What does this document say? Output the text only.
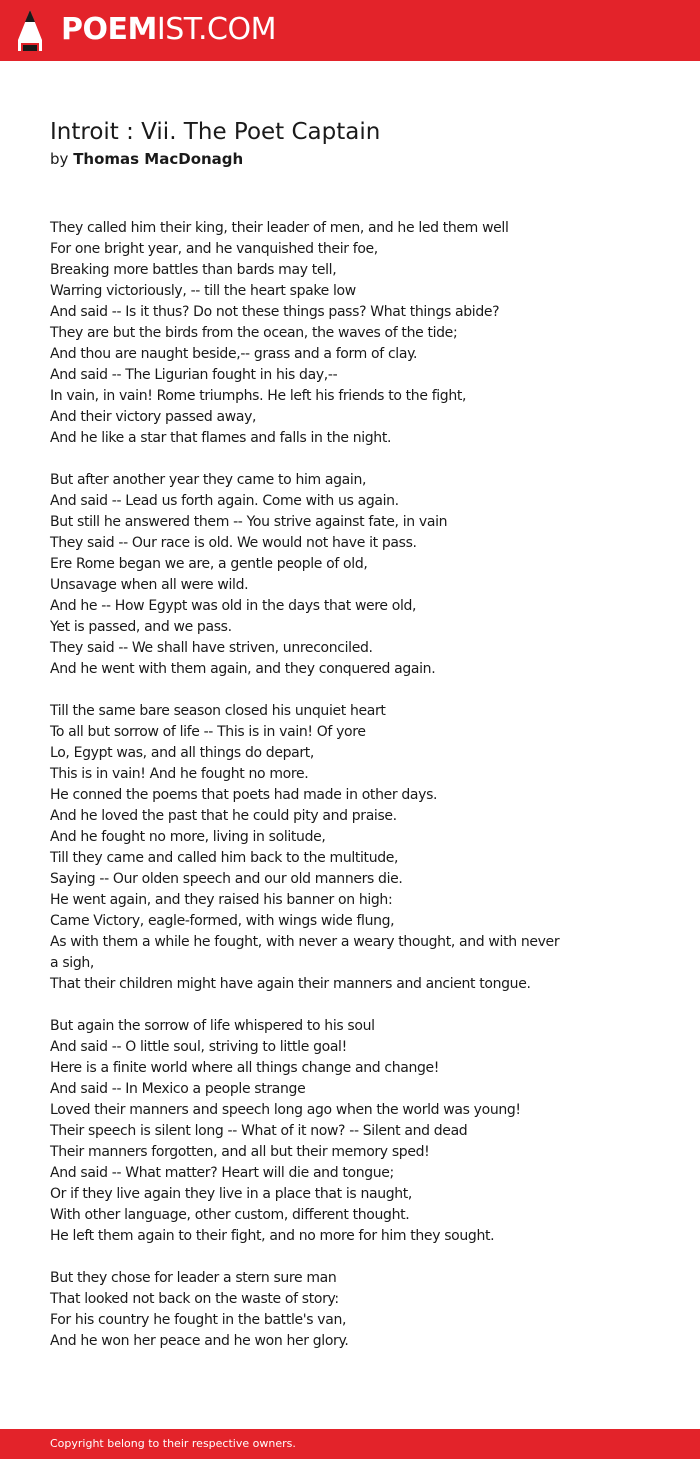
POEMIST.COM
Introit : Vii. The Poet Captain
by Thomas MacDonagh
They called him their king, their leader of men, and he led them well
For one bright year, and he vanquished their foe,
Breaking more battles than bards may tell,
Warring victoriously, -- till the heart spake low
And said -- Is it thus? Do not these things pass? What things abide?
They are but the birds from the ocean, the waves of the tide;
And thou are naught beside,-- grass and a form of clay.
And said -- The Ligurian fought in his day,--
In vain, in vain! Rome triumphs. He left his friends to the fight,
And their victory passed away,
And he like a star that flames and falls in the night.
But after another year they came to him again,
And said -- Lead us forth again. Come with us again.
But still he answered them -- You strive against fate, in vain
They said -- Our race is old. We would not have it pass.
Ere Rome began we are, a gentle people of old,
Unsavage when all were wild.
And he -- How Egypt was old in the days that were old,
Yet is passed, and we pass.
They said -- We shall have striven, unreconciled.
And he went with them again, and they conquered again.
Till the same bare season closed his unquiet heart
To all but sorrow of life -- This is in vain! Of yore
Lo, Egypt was, and all things do depart,
This is in vain! And he fought no more.
He conned the poems that poets had made in other days.
And he loved the past that he could pity and praise.
And he fought no more, living in solitude,
Till they came and called him back to the multitude,
Saying -- Our olden speech and our old manners die.
He went again, and they raised his banner on high:
Came Victory, eagle-formed, with wings wide flung,
As with them a while he fought, with never a weary thought, and with never
a sigh,
That their children might have again their manners and ancient tongue.
But again the sorrow of life whispered to his soul
And said -- O little soul, striving to little goal!
Here is a finite world where all things change and change!
And said -- In Mexico a people strange
Loved their manners and speech long ago when the world was young!
Their speech is silent long -- What of it now? -- Silent and dead
Their manners forgotten, and all but their memory sped!
And said -- What matter? Heart will die and tongue;
Or if they live again they live in a place that is naught,
With other language, other custom, different thought.
He left them again to their fight, and no more for him they sought.
But they chose for leader a stern sure man
That looked not back on the waste of story:
For his country he fought in the battle's van,
And he won her peace and he won her glory.
Copyright belong to their respective owners.
